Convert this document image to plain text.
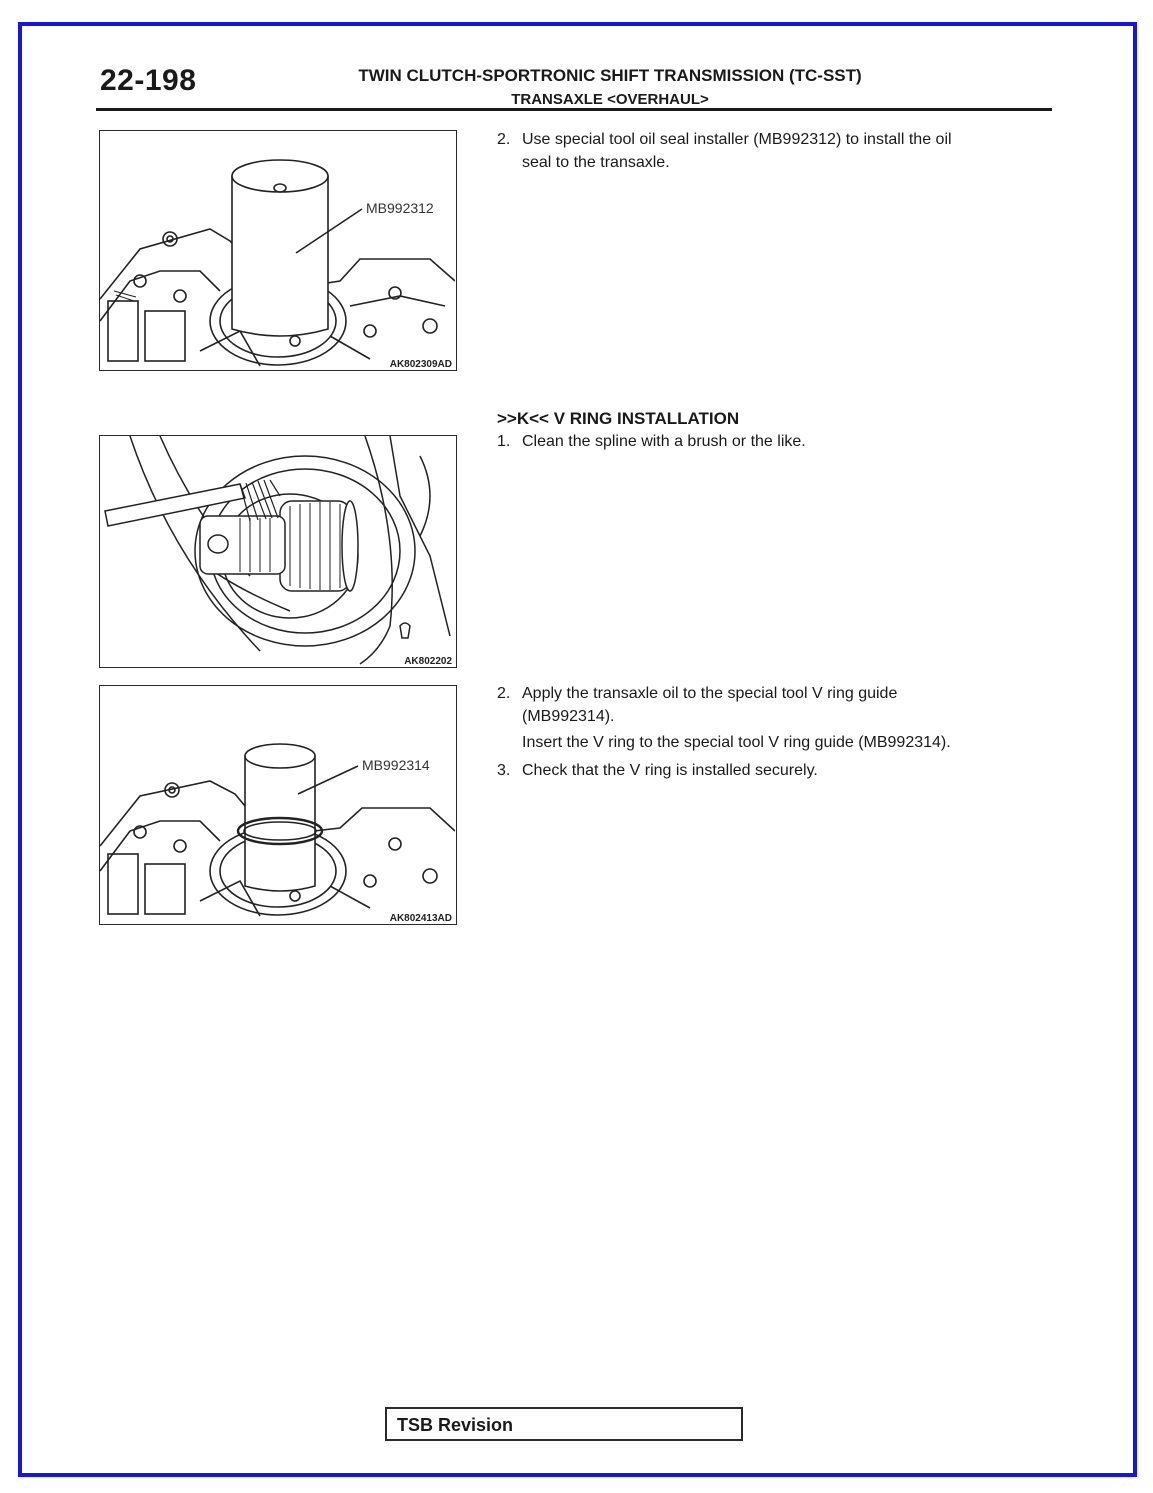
22-198	TWIN CLUTCH-SPORTRONIC SHIFT TRANSMISSION (TC-SST)
TRANSAXLE <OVERHAUL>
MB992312
AK802309AD
2. Use special tool oil seal installer (MB992312) to install the oil
seal to the transaxle.
>>K<< V RING INSTALLATION
1. Clean the spline with a brush or the like.
AK802202
MB992314
AK802413AD
2. Apply the transaxle oil to the special tool V ring guide
(MB992314).
Insert the V ring to the special tool V ring guide (MB992314).
3. Check that the V ring is installed securely.
TSB Revision
